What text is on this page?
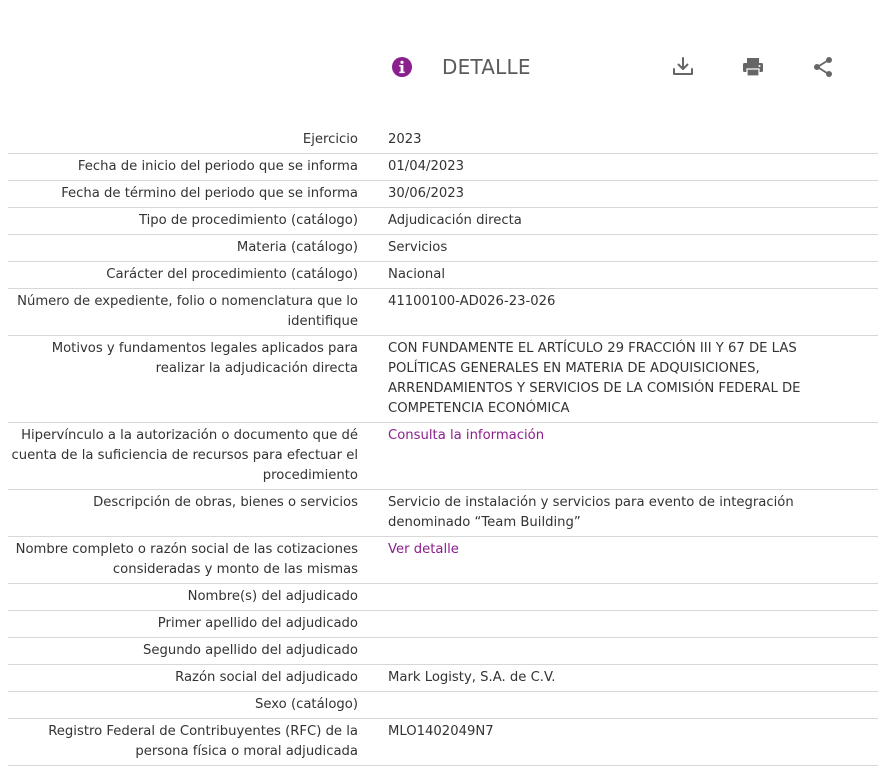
DETALLE
Ejercicio	2023
Fecha de inicio del periodo que se informa	01/04/2023
Fecha de término del periodo que se informa	30/06/2023
Tipo de procedimiento (catálogo)	Adjudicación directa
Materia (catálogo)	Servicios
Carácter del procedimiento (catálogo)	Nacional
Número de expediente, folio o nomenclatura que lo identifique	41100100-AD026-23-026
Motivos y fundamentos legales aplicados para realizar la adjudicación directa	CON FUNDAMENTE EL ARTÍCULO 29 FRACCIÓN III Y 67 DE LAS POLÍTICAS GENERALES EN MATERIA DE ADQUISICIONES, ARRENDAMIENTOS Y SERVICIOS DE LA COMISIÓN FEDERAL DE COMPETENCIA ECONÓMICA
Hipervínculo a la autorización o documento que dé cuenta de la suficiencia de recursos para efectuar el procedimiento	Consulta la información
Descripción de obras, bienes o servicios	Servicio de instalación y servicios para evento de integración denominado “Team Building”
Nombre completo o razón social de las cotizaciones consideradas y monto de las mismas	Ver detalle
Nombre(s) del adjudicado	
Primer apellido del adjudicado	
Segundo apellido del adjudicado	
Razón social del adjudicado	Mark Logisty, S.A. de C.V.
Sexo (catálogo)	
Registro Federal de Contribuyentes (RFC) de la persona física o moral adjudicada	MLO1402049N7
